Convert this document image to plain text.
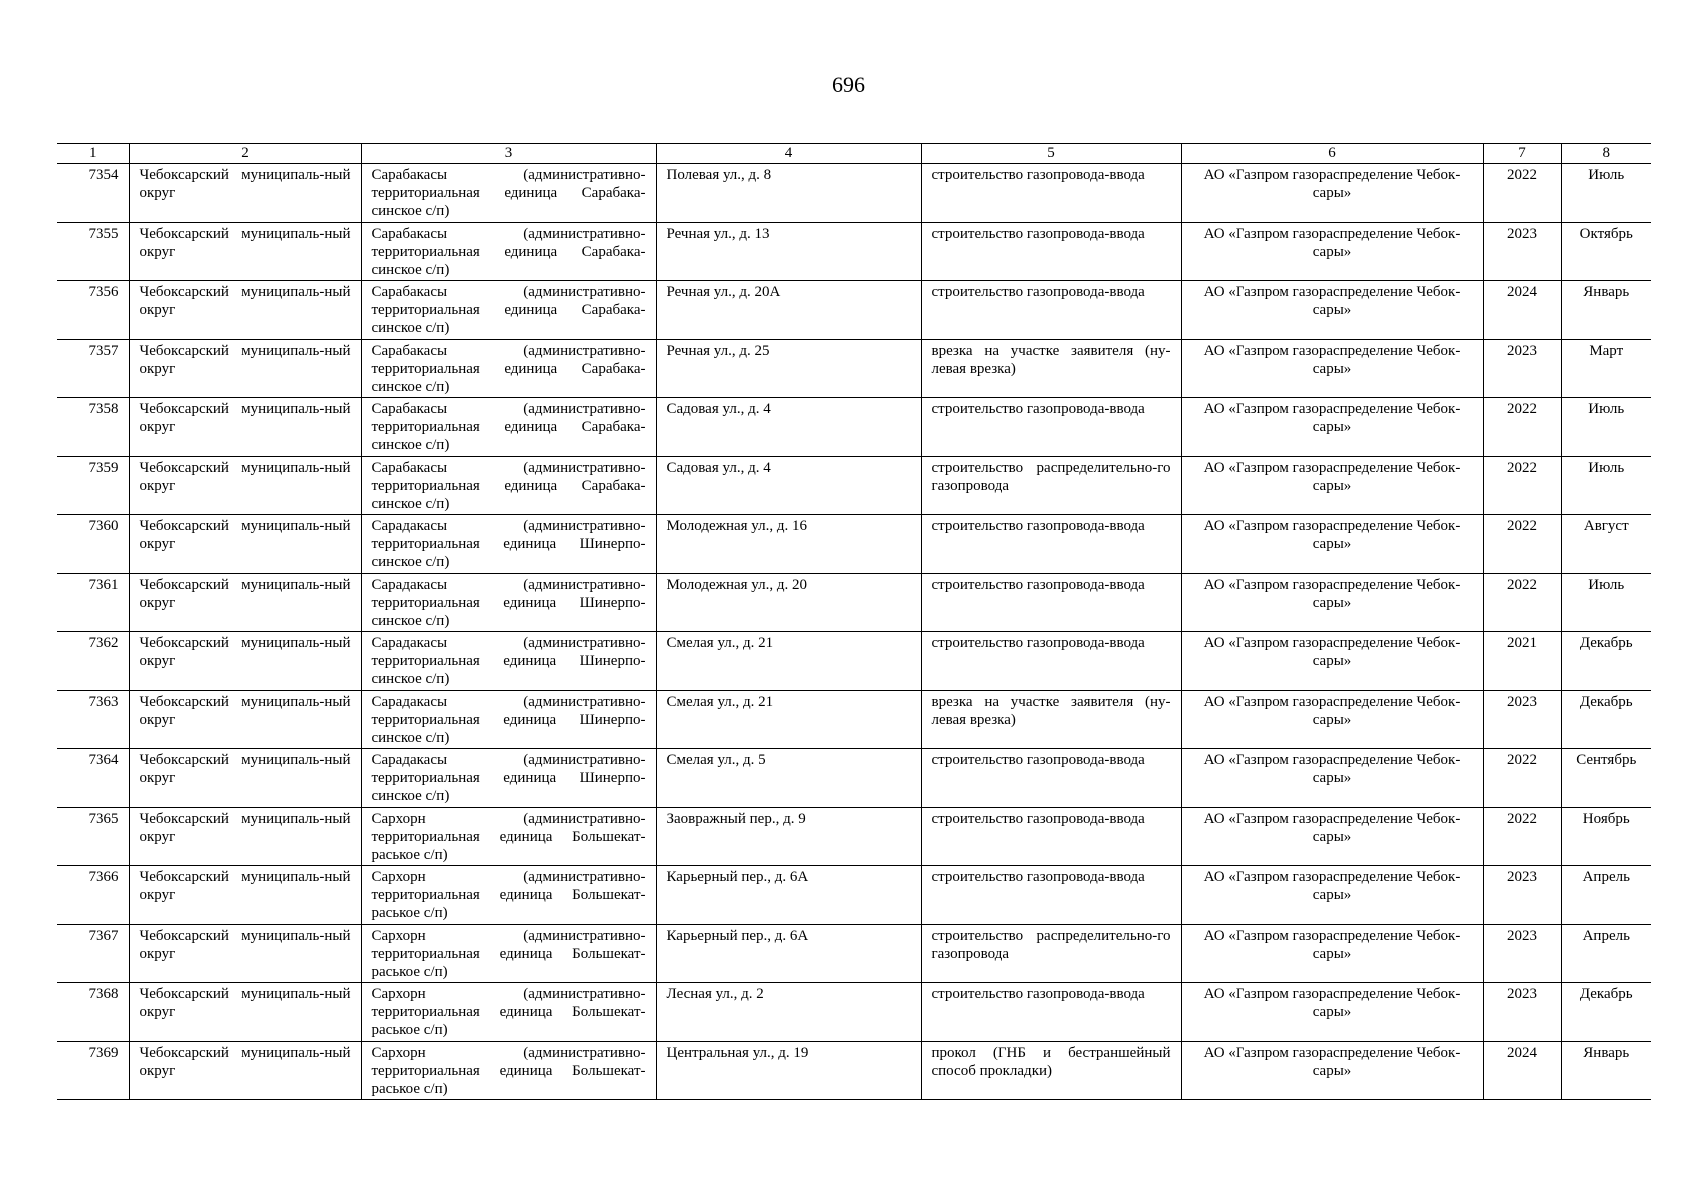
696
1	2	3	4	5	6	7	8
7354	Чебоксарский муниципаль-ный округ	Сарабакасы (административно-территориальная единица Сарабака-синское с/п)	Полевая ул., д. 8	строительство газопровода-ввода	АО «Газпром газораспределение Чебок-сары»	2022	Июль
7355	Чебоксарский муниципаль-ный округ	Сарабакасы (административно-территориальная единица Сарабака-синское с/п)	Речная ул., д. 13	строительство газопровода-ввода	АО «Газпром газораспределение Чебок-сары»	2023	Октябрь
7356	Чебоксарский муниципаль-ный округ	Сарабакасы (административно-территориальная единица Сарабака-синское с/п)	Речная ул., д. 20А	строительство газопровода-ввода	АО «Газпром газораспределение Чебок-сары»	2024	Январь
7357	Чебоксарский муниципаль-ный округ	Сарабакасы (административно-территориальная единица Сарабака-синское с/п)	Речная ул., д. 25	врезка на участке заявителя (ну-левая врезка)	АО «Газпром газораспределение Чебок-сары»	2023	Март
7358	Чебоксарский муниципаль-ный округ	Сарабакасы (административно-территориальная единица Сарабака-синское с/п)	Садовая ул., д. 4	строительство газопровода-ввода	АО «Газпром газораспределение Чебок-сары»	2022	Июль
7359	Чебоксарский муниципаль-ный округ	Сарабакасы (административно-территориальная единица Сарабака-синское с/п)	Садовая ул., д. 4	строительство распределительно-го газопровода	АО «Газпром газораспределение Чебок-сары»	2022	Июль
7360	Чебоксарский муниципаль-ный округ	Сарадакасы (административно-территориальная единица Шинерпо-синское с/п)	Молодежная ул., д. 16	строительство газопровода-ввода	АО «Газпром газораспределение Чебок-сары»	2022	Август
7361	Чебоксарский муниципаль-ный округ	Сарадакасы (административно-территориальная единица Шинерпо-синское с/п)	Молодежная ул., д. 20	строительство газопровода-ввода	АО «Газпром газораспределение Чебок-сары»	2022	Июль
7362	Чебоксарский муниципаль-ный округ	Сарадакасы (административно-территориальная единица Шинерпо-синское с/п)	Смелая ул., д. 21	строительство газопровода-ввода	АО «Газпром газораспределение Чебок-сары»	2021	Декабрь
7363	Чебоксарский муниципаль-ный округ	Сарадакасы (административно-территориальная единица Шинерпо-синское с/п)	Смелая ул., д. 21	врезка на участке заявителя (ну-левая врезка)	АО «Газпром газораспределение Чебок-сары»	2023	Декабрь
7364	Чебоксарский муниципаль-ный округ	Сарадакасы (административно-территориальная единица Шинерпо-синское с/п)	Смелая ул., д. 5	строительство газопровода-ввода	АО «Газпром газораспределение Чебок-сары»	2022	Сентябрь
7365	Чебоксарский муниципаль-ный округ	Сархорн (административно-территориальная единица Большекат-раськое с/п)	Заовражный пер., д. 9	строительство газопровода-ввода	АО «Газпром газораспределение Чебок-сары»	2022	Ноябрь
7366	Чебоксарский муниципаль-ный округ	Сархорн (административно-территориальная единица Большекат-раськое с/п)	Карьерный пер., д. 6А	строительство газопровода-ввода	АО «Газпром газораспределение Чебок-сары»	2023	Апрель
7367	Чебоксарский муниципаль-ный округ	Сархорн (административно-территориальная единица Большекат-раськое с/п)	Карьерный пер., д. 6А	строительство распределительно-го газопровода	АО «Газпром газораспределение Чебок-сары»	2023	Апрель
7368	Чебоксарский муниципаль-ный округ	Сархорн (административно-территориальная единица Большекат-раськое с/п)	Лесная ул., д. 2	строительство газопровода-ввода	АО «Газпром газораспределение Чебок-сары»	2023	Декабрь
7369	Чебоксарский муниципаль-ный округ	Сархорн (административно-территориальная единица Большекат-раськое с/п)	Центральная ул., д. 19	прокол (ГНБ и бестраншейный способ прокладки)	АО «Газпром газораспределение Чебок-сары»	2024	Январь
